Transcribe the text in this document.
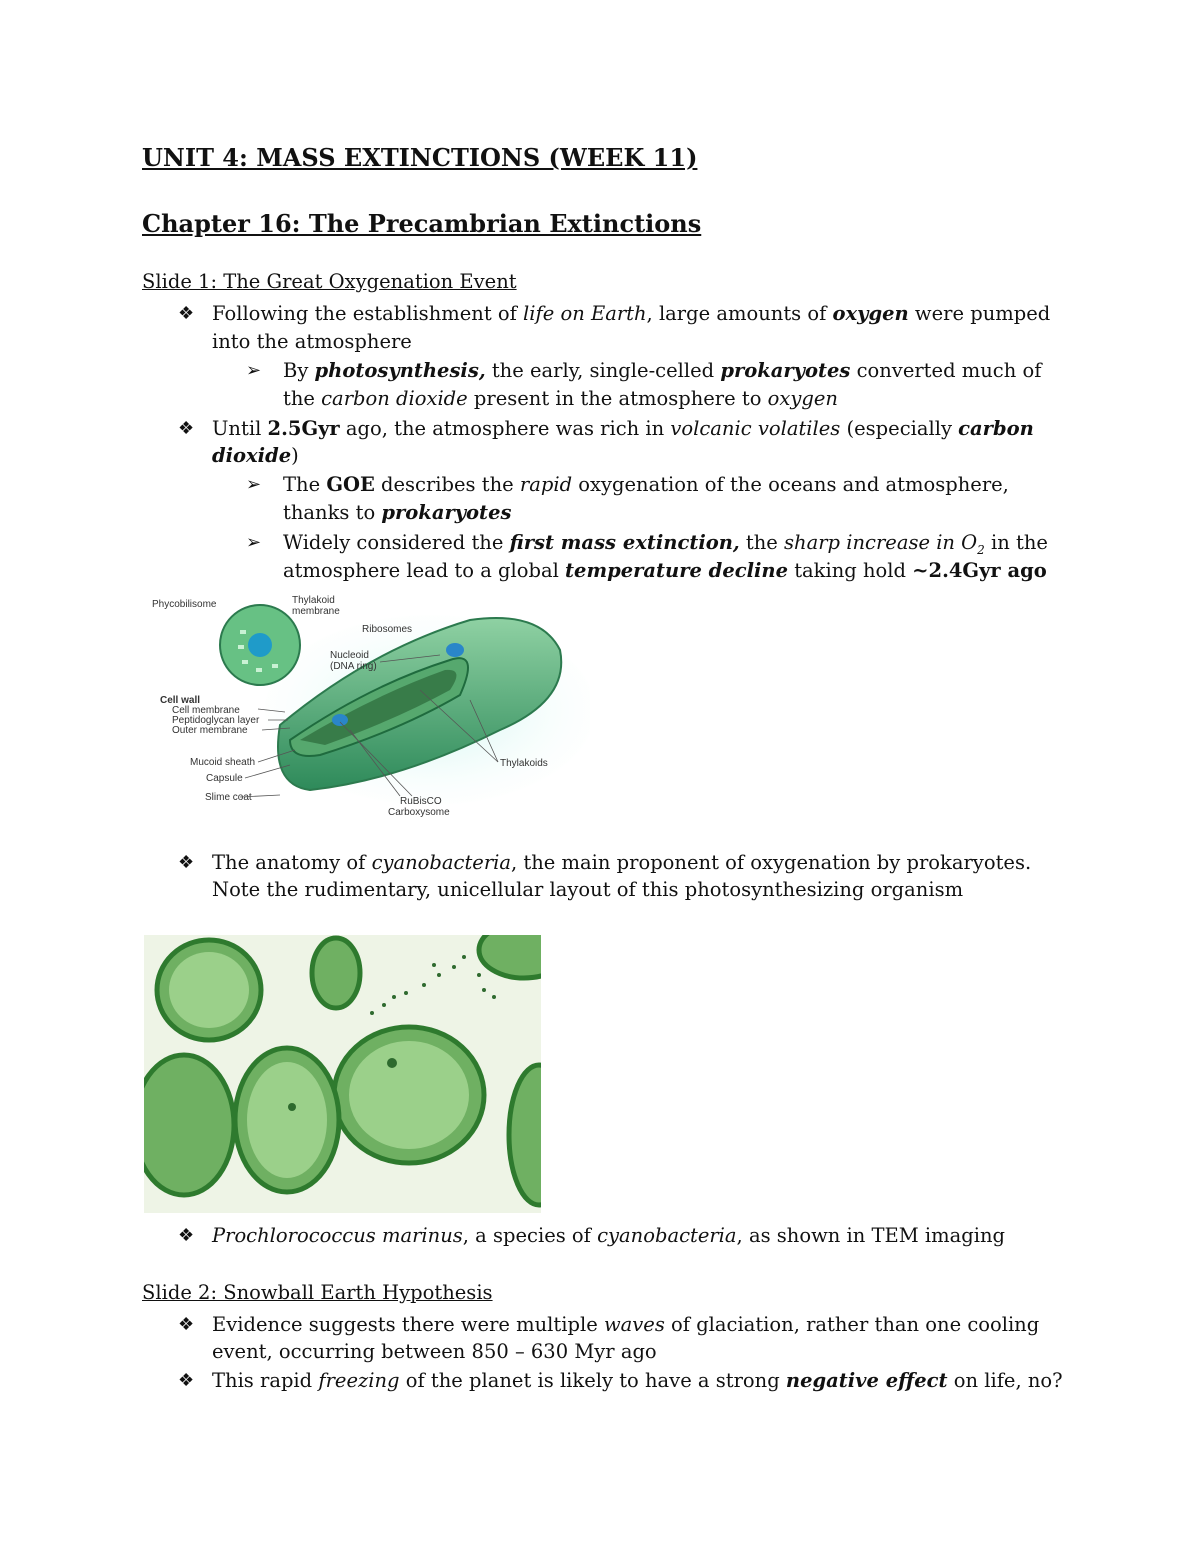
UNIT 4: MASS EXTINCTIONS (WEEK 11)
Chapter 16: The Precambrian Extinctions
Slide 1: The Great Oxygenation Event
❖ Following the establishment of life on Earth, large amounts of oxygen were pumped
into the atmosphere
➢ By photosynthesis, the early, single-celled prokaryotes converted much of
the carbon dioxide present in the atmosphere to oxygen
❖ Until 2.5Gyr ago, the atmosphere was rich in volcanic volatiles (especially carbon
dioxide)
➢ The GOE describes the rapid oxygenation of the oceans and atmosphere,
thanks to prokaryotes
➢ Widely considered the first mass extinction, the sharp increase in $O_2$ in the
atmosphere lead to a global temperature decline taking hold ~2.4Gyr ago
Phycobilisome	Thylakoid
membrane
Ribosomes
Nucleoid
(DNA ring)
Cell wall
Cell membrane
Peptidoglycan layer
Outer membrane
Mucoid sheath
Capsule
Slime coat
Thylakoids
RuBisCO
Carboxysome
❖ The anatomy of cyanobacteria, the main proponent of oxygenation by prokaryotes.
Note the rudimentary, unicellular layout of this photosynthesizing organism
❖ Prochlorococcus marinus, a species of cyanobacteria, as shown in TEM imaging
Slide 2: Snowball Earth Hypothesis
❖ Evidence suggests there were multiple waves of glaciation, rather than one cooling
event, occurring between 850 – 630 Myr ago
❖ This rapid freezing of the planet is likely to have a strong negative effect on life, no?
